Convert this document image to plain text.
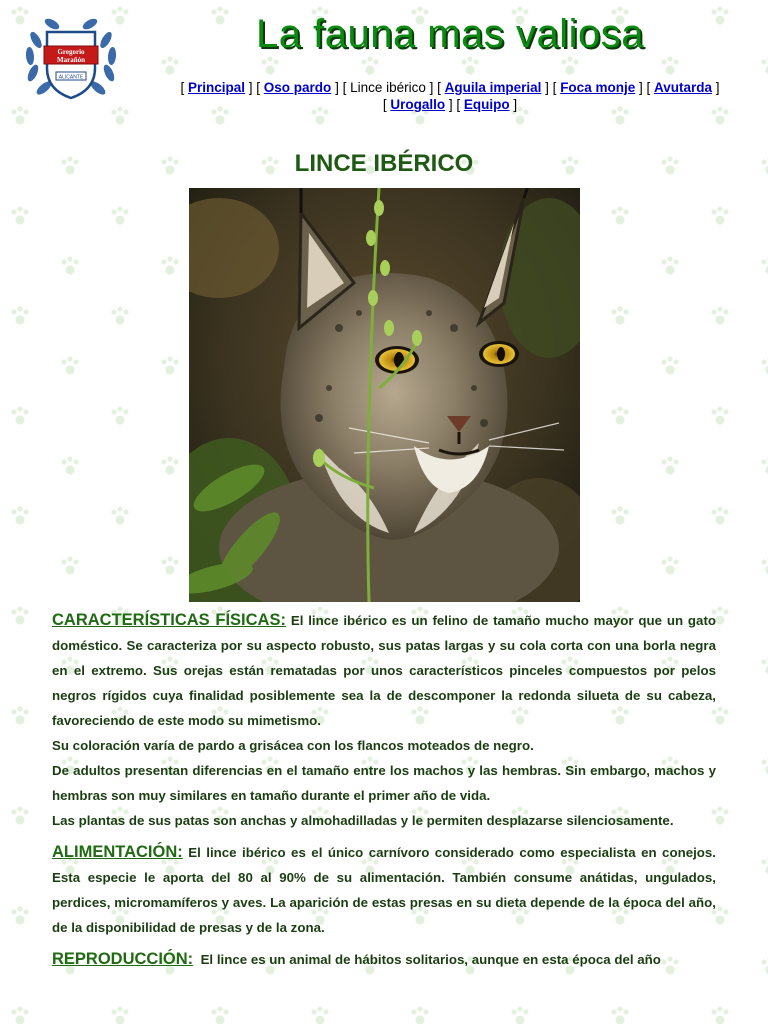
Gregorio
Marañón
ALICANTE
La fauna mas valiosa
[ Principal ] [ Oso pardo ] [ Lince ibérico ] [ Aguila imperial ] [ Foca monje ] [ Avutarda ]
[ Urogallo ] [ Equipo ]
LINCE IBÉRICO

CARACTERÍSTICAS FÍSICAS: El lince ibérico es un felino de tamaño mucho mayor que un gato doméstico. Se caracteriza por su aspecto robusto, sus patas largas y su cola corta con una borla negra en el extremo. Sus orejas están rematadas por unos característicos pinceles compuestos por pelos negros rígidos cuya finalidad posiblemente sea la de descomponer la redonda silueta de su cabeza, favoreciendo de este modo su mimetismo.

Su coloración varía de pardo a grisácea con los flancos moteados de negro.

De adultos presentan diferencias en el tamaño entre los machos y las hembras. Sin embargo, machos y hembras son muy similares en tamaño durante el primer año de vida.

Las plantas de sus patas son anchas y almohadilladas y le permiten desplazarse silenciosamente.

ALIMENTACIÓN: El lince ibérico es el único carnívoro considerado como especialista en conejos. Esta especie le aporta del 80 al 90% de su alimentación. También consume anátidas, ungulados, perdices, micromamíferos y aves. La aparición de estas presas en su dieta depende de la época del año, de la disponibilidad de presas y de la zona.

REPRODUCCIÓN: El lince es un animal de hábitos solitarios, aunque en esta época del año
